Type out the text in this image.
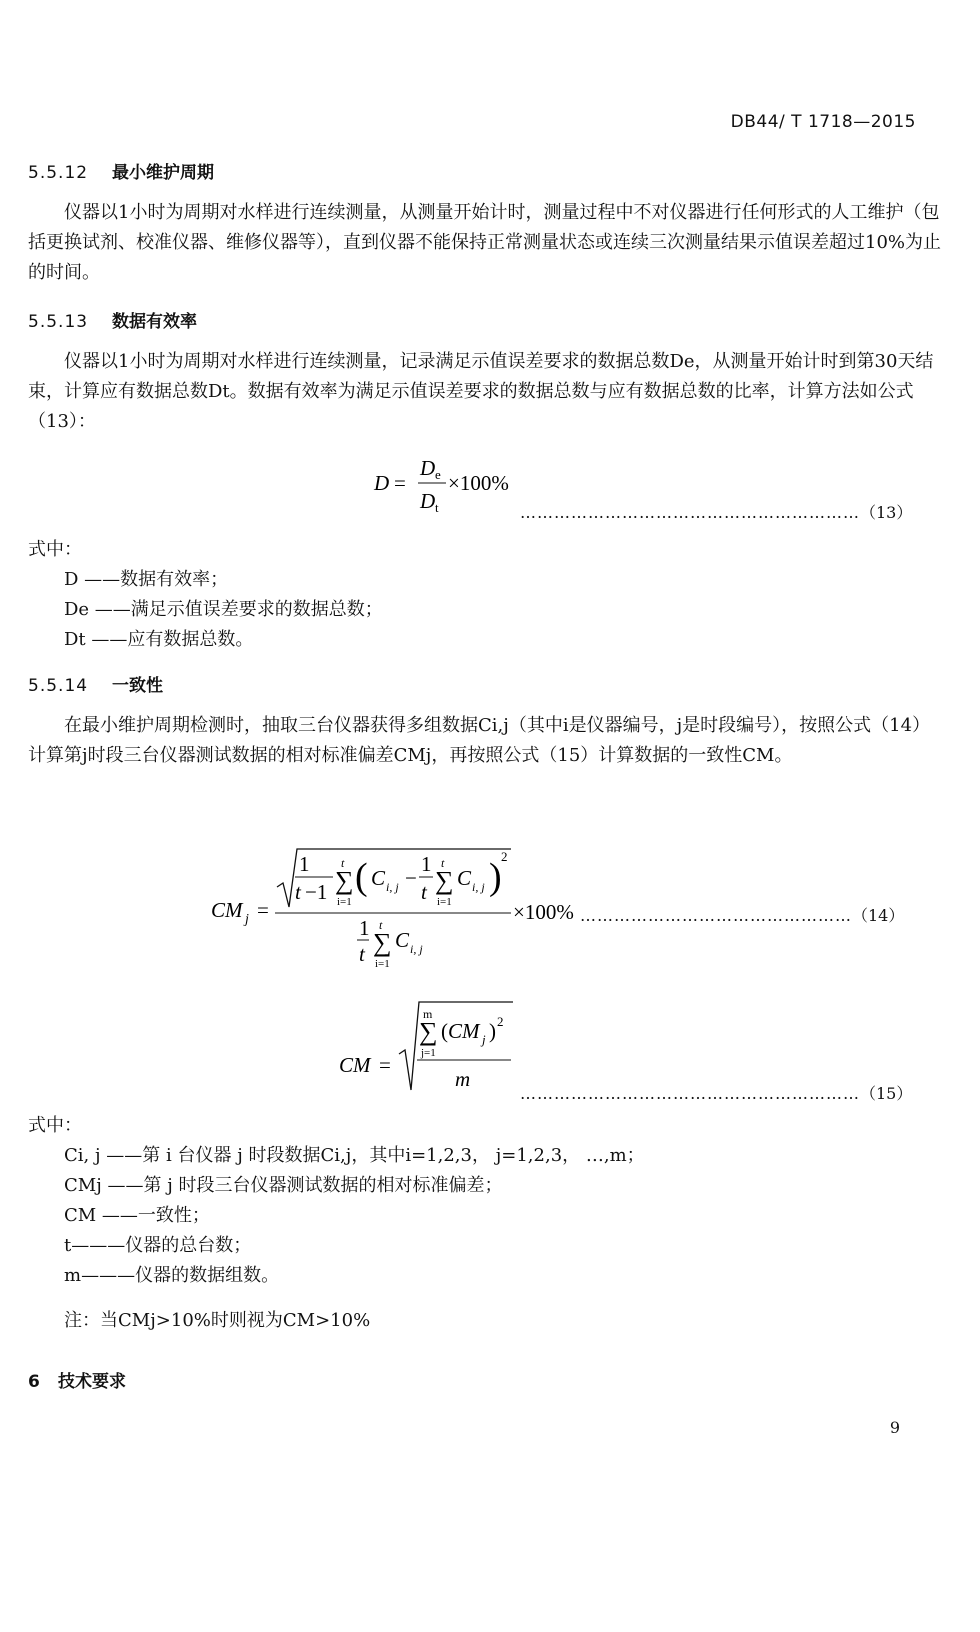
DB44/ T 1718—2015
5.5.12 最小维护周期

仪器以1小时为周期对水样进行连续测量，从测量开始计时，测量过程中不对仪器进行任何形式的人工维护（包括更换试剂、校准仪器、维修仪器等），直到仪器不能保持正常测量状态或连续三次测量结果示值误差超过10%为止的时间。

5.5.13 数据有效率

仪器以1小时为周期对水样进行连续测量，记录满足示值误差要求的数据总数De，从测量开始计时到第30天结束，计算应有数据总数Dt。数据有效率为满足示值误差要求的数据总数与应有数据总数的比率，计算方法如公式（13）：

D =
D e
D t
×100%
……………………………………………………（13）
式中：
D ——数据有效率；
De ——满足示值误差要求的数据总数；
Dt ——应有数据总数。
5.5.14 一致性

在最小维护周期检测时，抽取三台仪器获得多组数据Ci,j（其中i是仪器编号，j是时段编号），按照公式（14）计算第j时段三台仪器测试数据的相对标准偏差CMj，再按照公式（15）计算数据的一致性CM。

CM j =
1
t −1
t
∑
i=1
( C i, j −
1
t
t
∑
i=1
C i, j ) 2
1
t
t
∑
i=1
C i, j
×100% …………………………………………（14）
CM =
m
∑
j=1
( CM j ) 2
m
……………………………………………………（15）
式中：
Ci, j ——第 i 台仪器 j 时段数据Ci,j，其中i=1,2,3， j=1,2,3， …,m；
CMj ——第 j 时段三台仪器测试数据的相对标准偏差；
CM ——一致性；
t———仪器的总台数；
m———仪器的数据组数。
注：当CMj>10%时则视为CM>10%
6 技术要求
9
